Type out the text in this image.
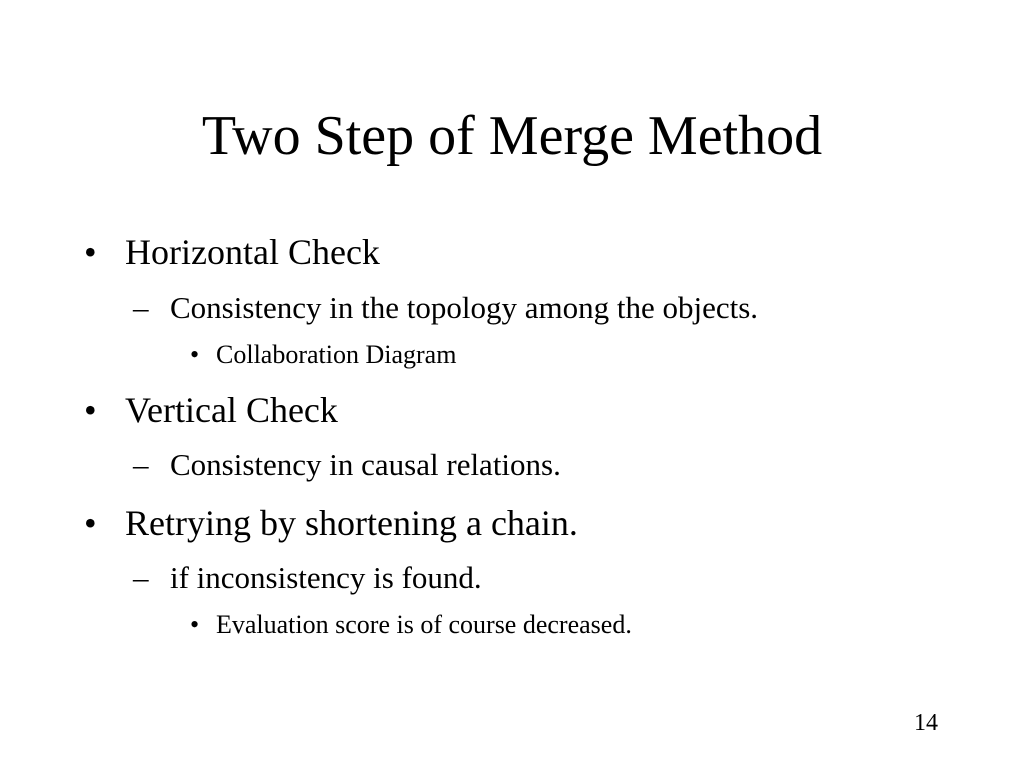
Two Step of Merge Method
• Horizontal Check
– Consistency in the topology among the objects.
• Collaboration Diagram
• Vertical Check
– Consistency in causal relations.
• Retrying by shortening a chain.
– if inconsistency is found.
• Evaluation score is of course decreased.
14
